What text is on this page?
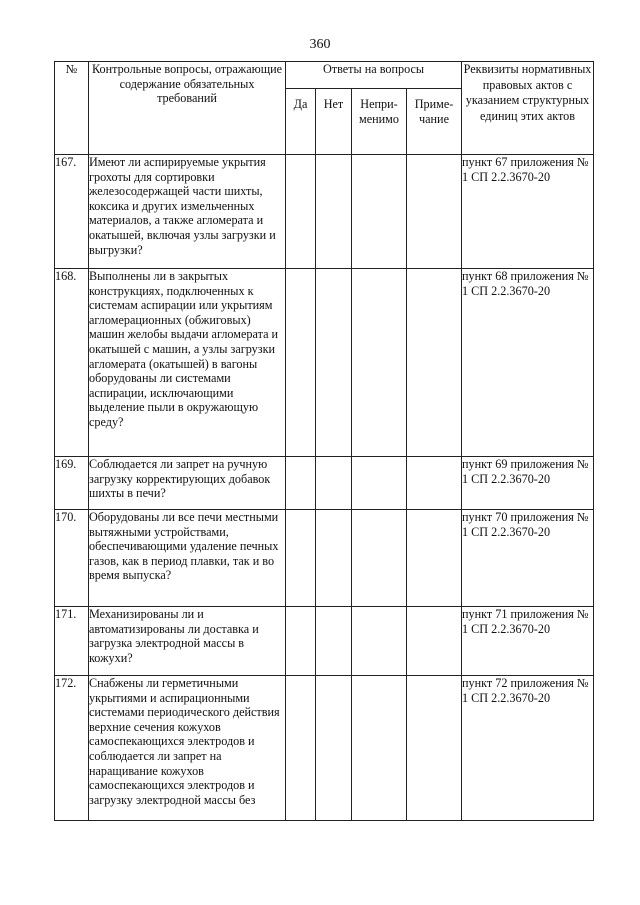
360
№	Контрольные вопросы, отражающие содержание обязательных требований	Ответы на вопросы				Реквизиты нормативных правовых актов с указанием структурных единиц этих актов
		Да	Нет	Непри-менимо	Приме-чание	
167.	Имеют ли аспирируемые укрытия грохоты для сортировки железосодержащей части шихты, коксика и других измельченных материалов, а также агломерата и окатышей, включая узлы загрузки и выгрузки?					пункт 67 приложения № 1 СП 2.2.3670-20
168.	Выполнены ли в закрытых конструкциях, подключенных к системам аспирации или укрытиям агломерационных (обжиговых) машин желобы выдачи агломерата и окатышей с машин, а узлы загрузки агломерата (окатышей) в вагоны оборудованы ли системами аспирации, исключающими выделение пыли в окружающую среду?					пункт 68 приложения № 1 СП 2.2.3670-20
169.	Соблюдается ли запрет на ручную загрузку корректирующих добавок шихты в печи?					пункт 69 приложения № 1 СП 2.2.3670-20
170.	Оборудованы ли все печи местными вытяжными устройствами, обеспечивающими удаление печных газов, как в период плавки, так и во время выпуска?					пункт 70 приложения № 1 СП 2.2.3670-20
171.	Механизированы ли и автоматизированы ли доставка и загрузка электродной массы в кожухи?					пункт 71 приложения № 1 СП 2.2.3670-20
172.	Снабжены ли герметичными укрытиями и аспирационными системами периодического действия верхние сечения кожухов самоспекающихся электродов и соблюдается ли запрет на наращивание кожухов самоспекающихся электродов и загрузку электродной массы без					пункт 72 приложения № 1 СП 2.2.3670-20
